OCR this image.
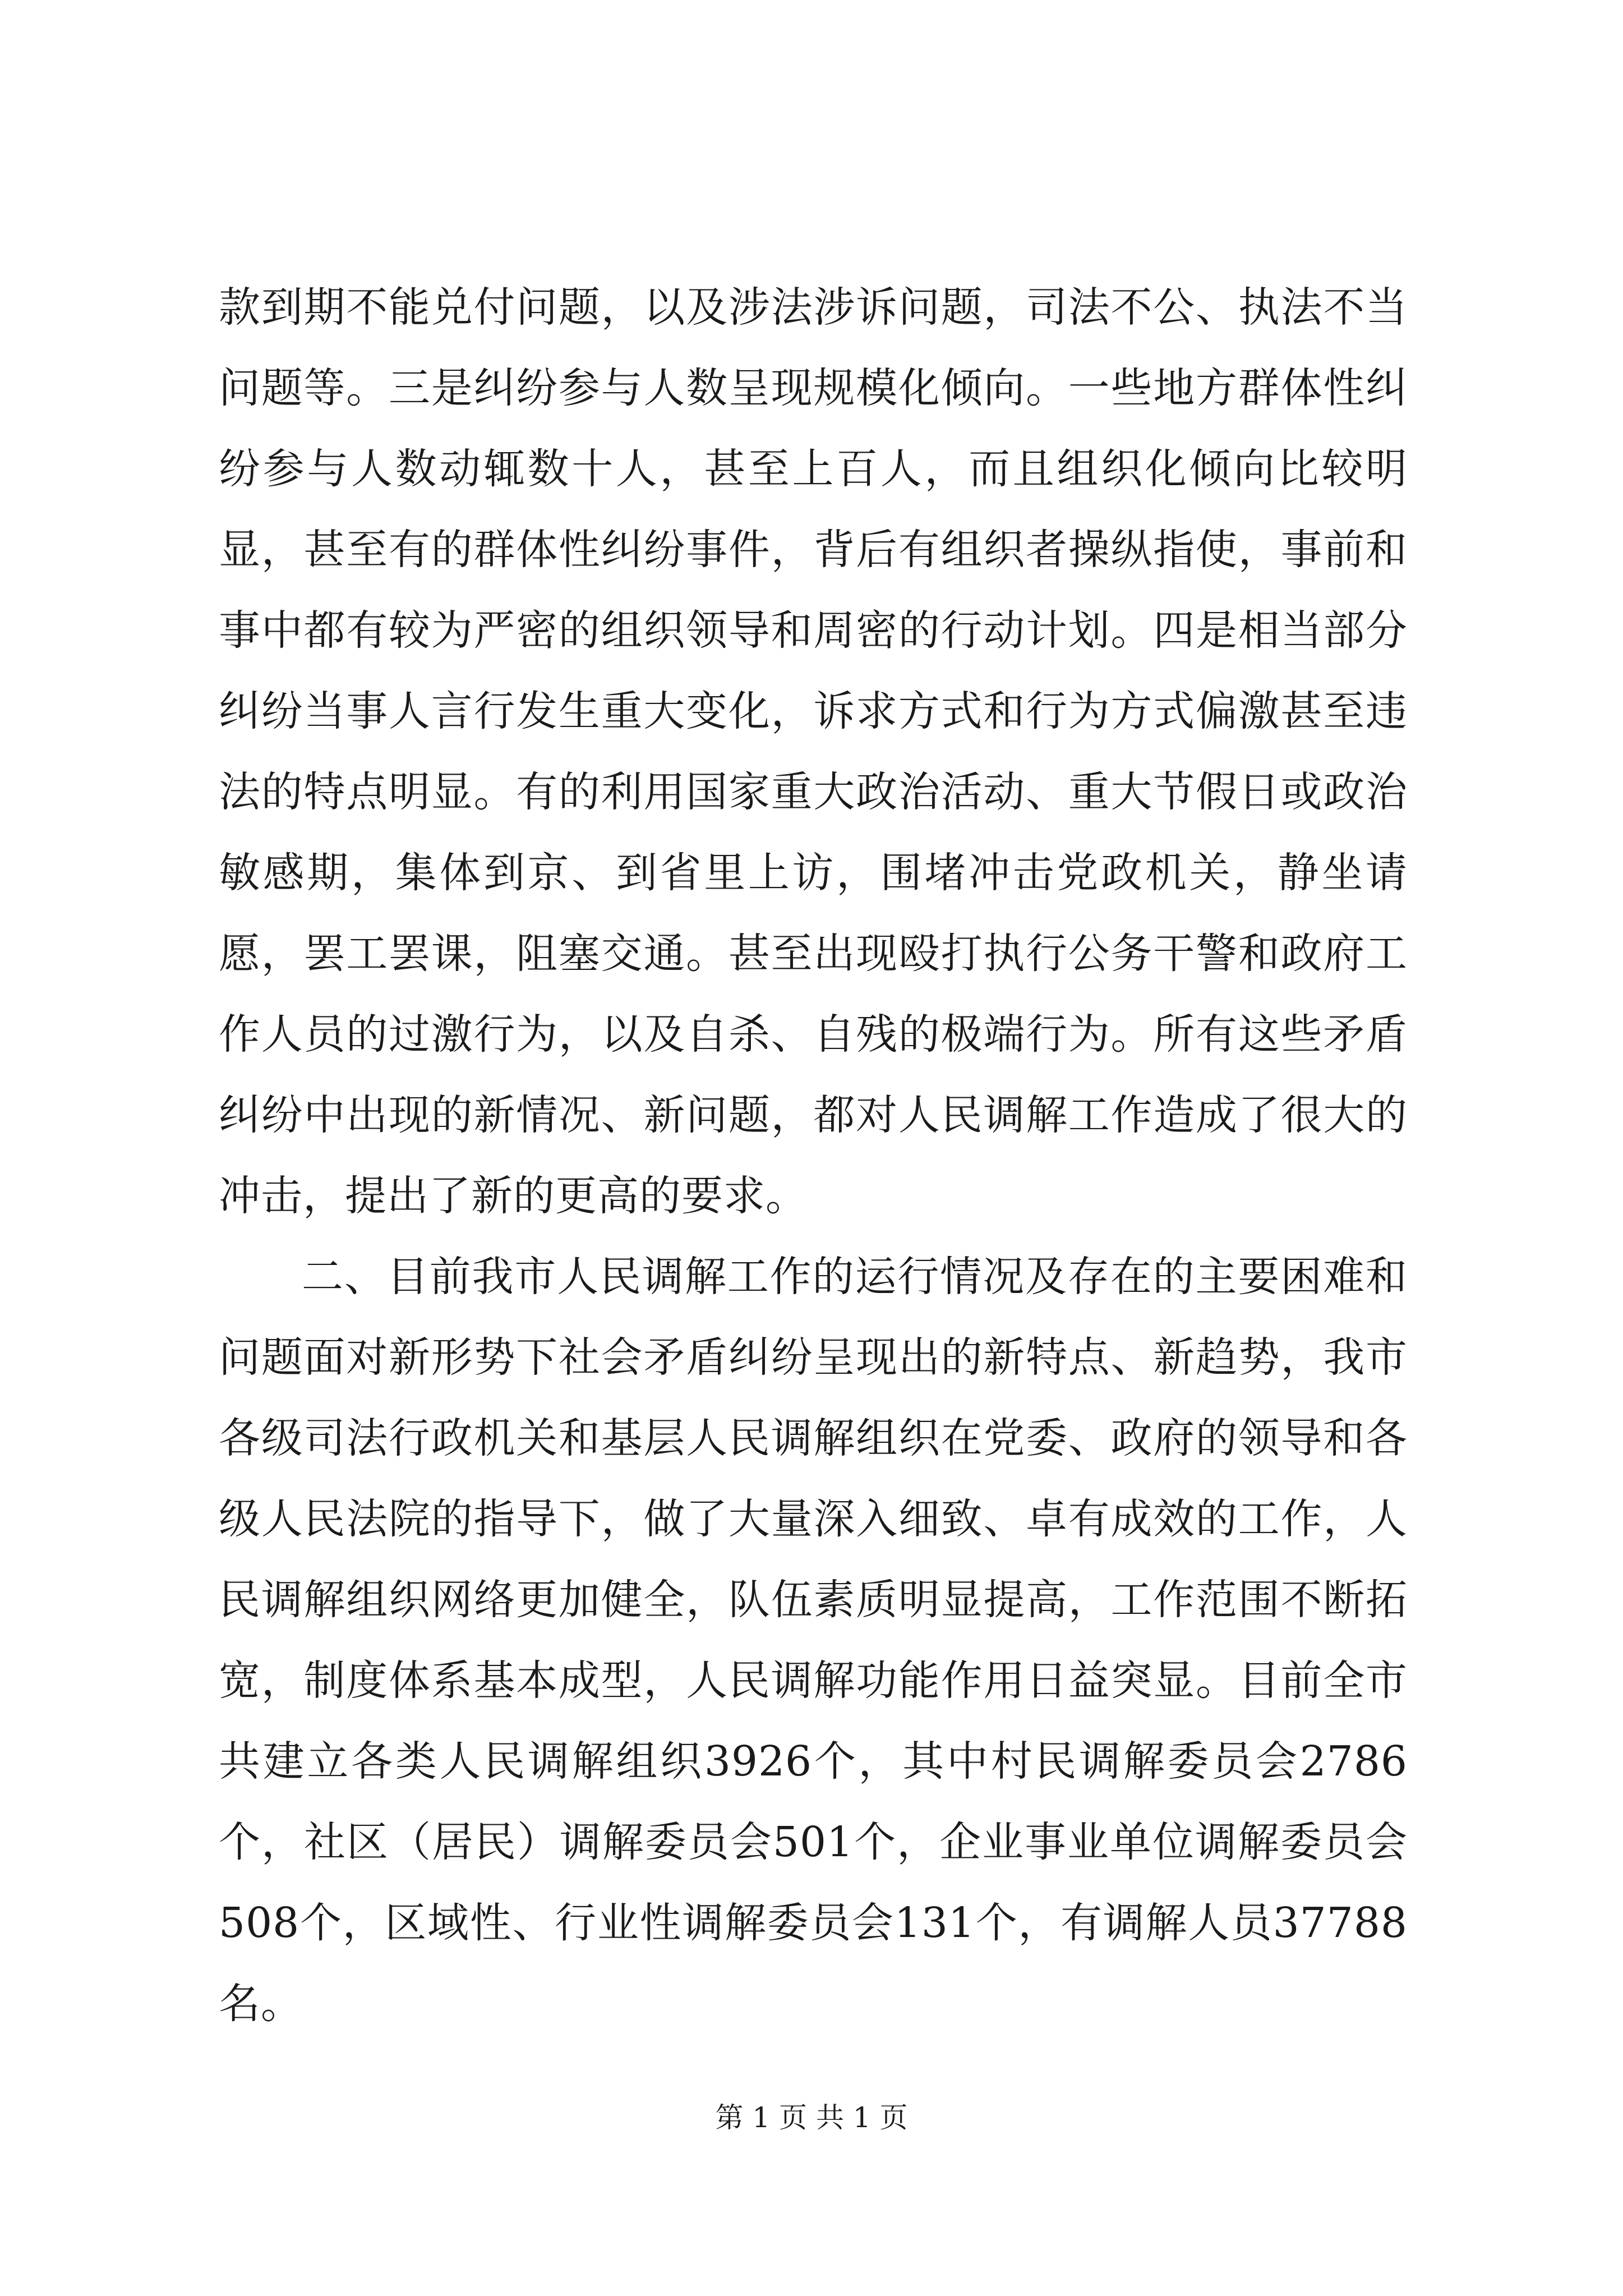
款到期不能兑付问题，以及涉法涉诉问题，司法不公、执法不当问题等。三是纠纷参与人数呈现规模化倾向。一些地方群体性纠纷参与人数动辄数十人，甚至上百人，而且组织化倾向比较明显，甚至有的群体性纠纷事件，背后有组织者操纵指使，事前和事中都有较为严密的组织领导和周密的行动计划。四是相当部分纠纷当事人言行发生重大变化，诉求方式和行为方式偏激甚至违法的特点明显。有的利用国家重大政治活动、重大节假日或政治敏感期，集体到京、到省里上访，围堵冲击党政机关，静坐请愿，罢工罢课，阻塞交通。甚至出现殴打执行公务干警和政府工作人员的过激行为，以及自杀、自残的极端行为。所有这些矛盾纠纷中出现的新情况、新问题，都对人民调解工作造成了很大的冲击，提出了新的更高的要求。

二、目前我市人民调解工作的运行情况及存在的主要困难和问题面对新形势下社会矛盾纠纷呈现出的新特点、新趋势，我市各级司法行政机关和基层人民调解组织在党委、政府的领导和各级人民法院的指导下，做了大量深入细致、卓有成效的工作，人民调解组织网络更加健全，队伍素质明显提高，工作范围不断拓宽，制度体系基本成型，人民调解功能作用日益突显。目前全市共建立各类人民调解组织3926个，其中村民调解委员会2786个，社区（居民）调解委员会501个，企业事业单位调解委员会508个，区域性、行业性调解委员会131个，有调解人员37788名。

第 1 页 共 1 页
